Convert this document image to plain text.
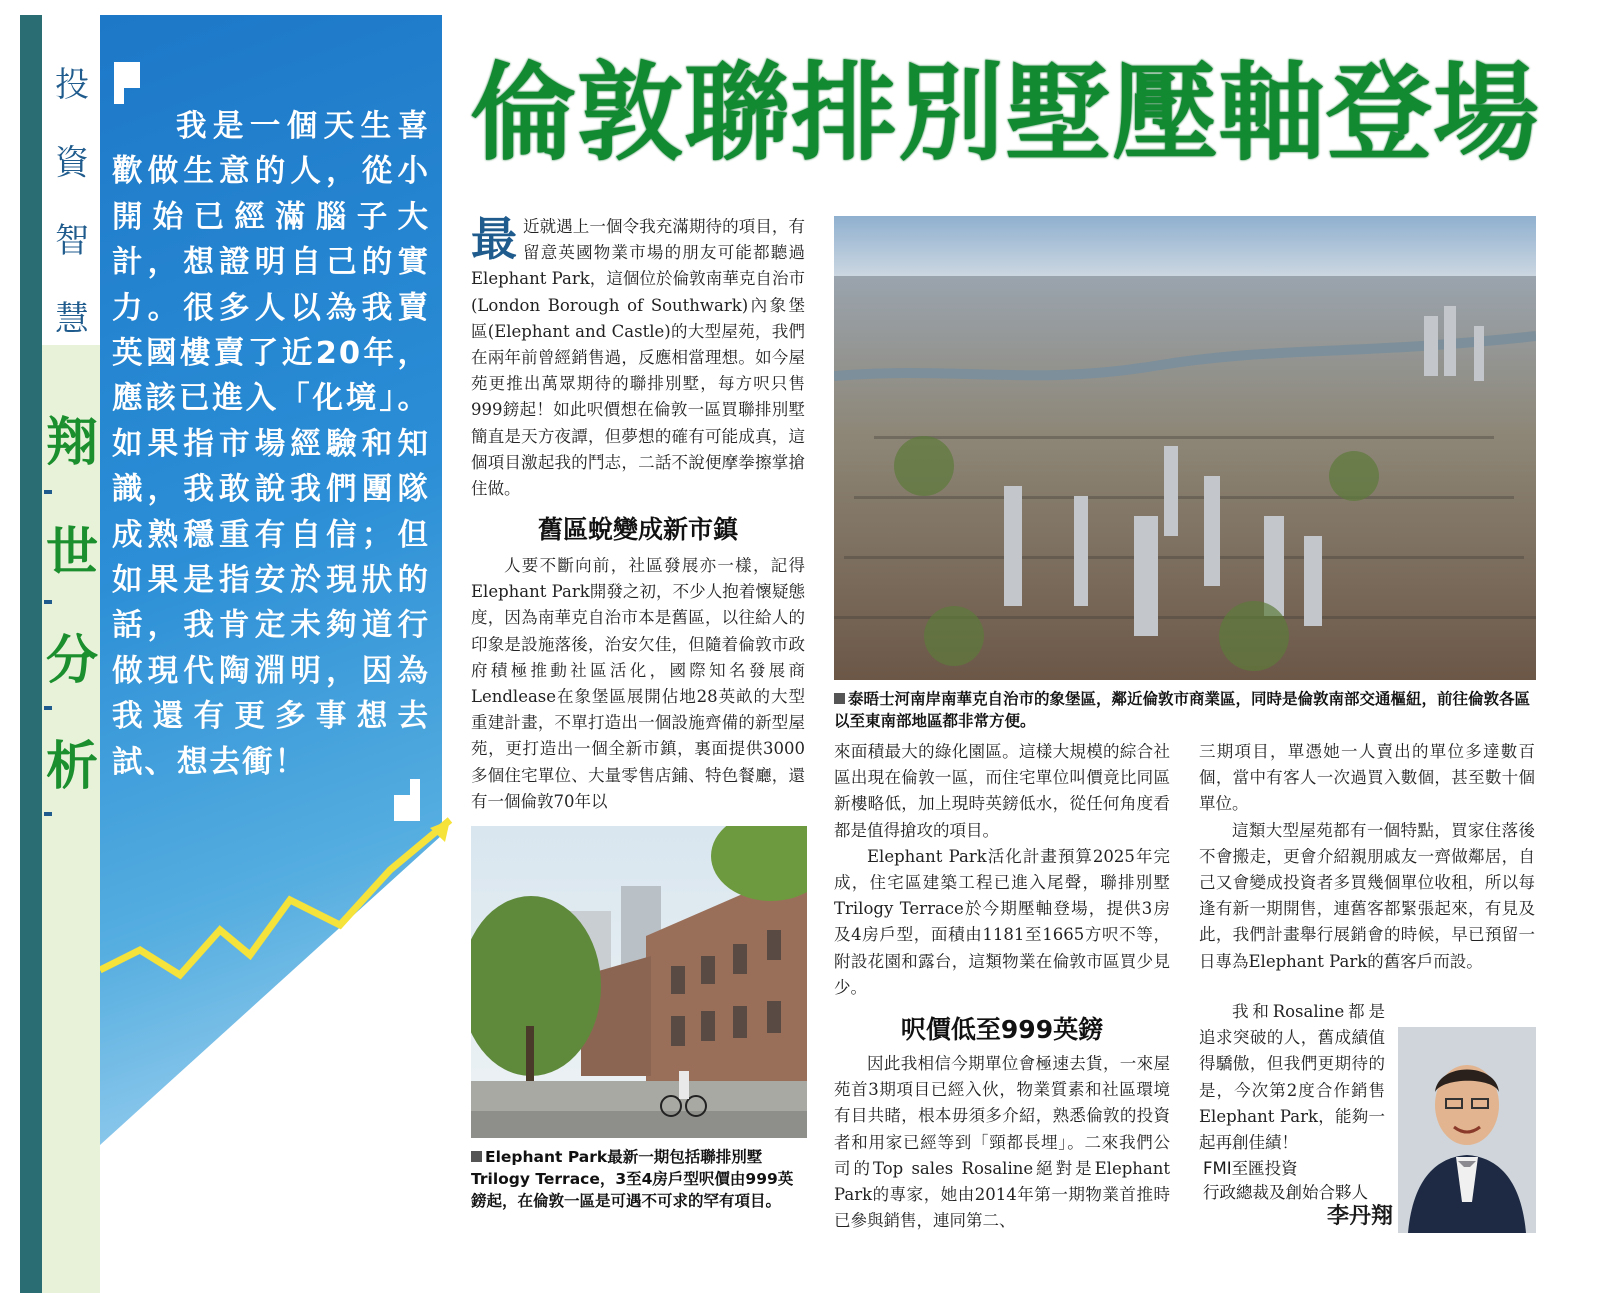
投
資
智
慧
翔
世
分
析
我是一個天生喜歡做生意的人，從小開始已經滿腦子大計，想證明自己的實力。很多人以為我賣英國樓賣了近20年，應該已進入「化境」。如果指市場經驗和知識，我敢說我們團隊成熟穩重有自信；但如果是指安於現狀的話，我肯定未夠道行做現代陶淵明，因為我還有更多事想去試、想去衝！
倫敦聯排別墅壓軸登場

最近就遇上一個令我充滿期待的項目，有留意英國物業市場的朋友可能都聽過Elephant Park，這個位於倫敦南華克自治市(London Borough of Southwark)內象堡區(Elephant and Castle)的大型屋苑，我們在兩年前曾經銷售過，反應相當理想。如今屋苑更推出萬眾期待的聯排別墅，每方呎只售999鎊起！如此呎價想在倫敦一區買聯排別墅簡直是天方夜譚，但夢想的確有可能成真，這個項目激起我的鬥志，二話不說便摩拳擦掌搶住做。

舊區蛻變成新市鎮

人要不斷向前，社區發展亦一樣，記得Elephant Park開發之初，不少人抱着懷疑態度，因為南華克自治市本是舊區，以往給人的印象是設施落後，治安欠佳，但隨着倫敦市政府積極推動社區活化，國際知名發展商Lendlease在象堡區展開佔地28英畝的大型重建計畫，不單打造出一個設施齊備的新型屋苑，更打造出一個全新市鎮，裏面提供3000多個住宅單位、大量零售店鋪、特色餐廳，還有一個倫敦70年以

Elephant Park最新一期包括聯排別墅Trilogy Terrace，3至4房戶型呎價由999英鎊起，在倫敦一區是可遇不可求的罕有項目。
泰晤士河南岸南華克自治市的象堡區，鄰近倫敦市商業區，同時是倫敦南部交通樞紐，前往倫敦各區以至東南部地區都非常方便。

來面積最大的綠化園區。這樣大規模的綜合社區出現在倫敦一區，而住宅單位叫價竟比同區新樓略低，加上現時英鎊低水，從任何角度看都是值得搶攻的項目。

Elephant Park活化計畫預算2025年完成，住宅區建築工程已進入尾聲，聯排別墅Trilogy Terrace於今期壓軸登場，提供3房及4房戶型，面積由1181至1665方呎不等，附設花園和露台，這類物業在倫敦市區買少見少。

呎價低至999英鎊

因此我相信今期單位會極速去貨，一來屋苑首3期項目已經入伙，物業質素和社區環境有目共睹，根本毋須多介紹，熟悉倫敦的投資者和用家已經等到「頸都長埋」。二來我們公司的Top sales Rosaline絕對是Elephant Park的專家，她由2014年第一期物業首推時已參與銷售，連同第二、

三期項目，單憑她一人賣出的單位多達數百個，當中有客人一次過買入數個，甚至數十個單位。

這類大型屋苑都有一個特點，買家住落後不會搬走，更會介紹親朋戚友一齊做鄰居，自己又會變成投資者多買幾個單位收租，所以每逢有新一期開售，連舊客都緊張起來，有見及此，我們計畫舉行展銷會的時候，早已預留一日專為Elephant Park的舊客戶而設。

我和Rosaline都是追求突破的人，舊成績值得驕傲，但我們更期待的是，今次第2度合作銷售Elephant Park，能夠一起再創佳績！

FMI至匯投資
行政總裁及創始合夥人
李丹翔
